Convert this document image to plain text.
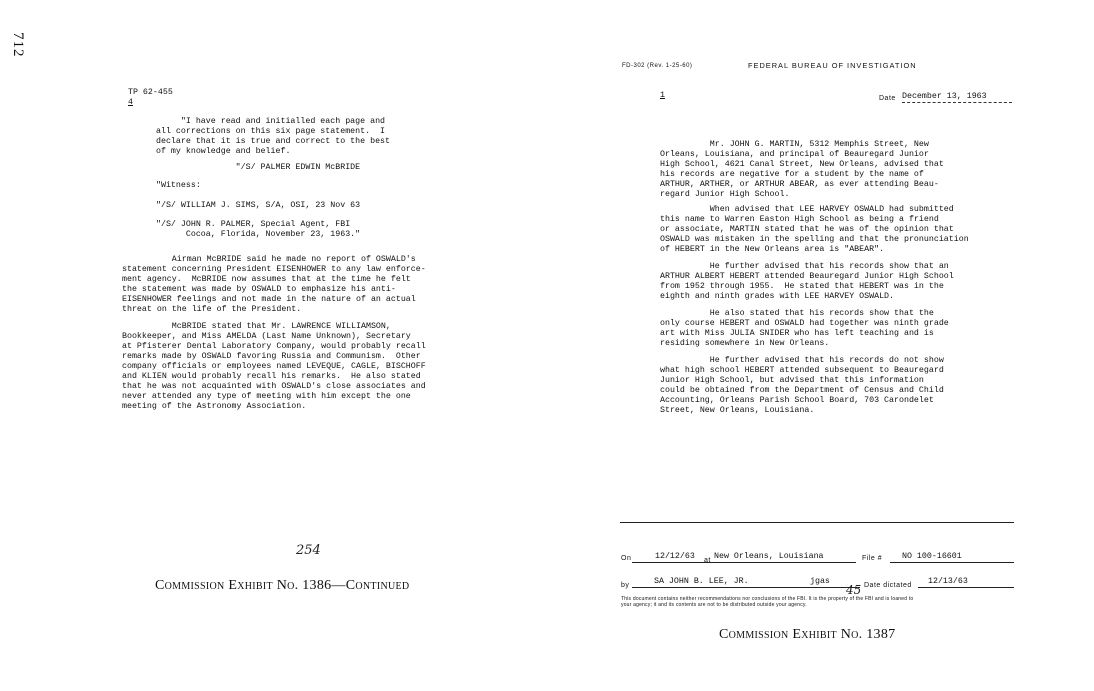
712
TP 62-455
4
"I have read and initialled each page and
all corrections on this six page statement.  I
declare that it is true and correct to the best
of my knowledge and belief.
"/S/ PALMER EDWIN McBRIDE
"Witness:
"/S/ WILLIAM J. SIMS, S/A, OSI, 23 Nov 63
"/S/ JOHN R. PALMER, Special Agent, FBI
Cocoa, Florida, November 23, 1963."
Airman McBRIDE said he made no report of OSWALD's
statement concerning President EISENHOWER to any law enforce-
ment agency.  McBRIDE now assumes that at the time he felt
the statement was made by OSWALD to emphasize his anti-
EISENHOWER feelings and not made in the nature of an actual
threat on the life of the President.
McBRIDE stated that Mr. LAWRENCE WILLIAMSON,
Bookkeeper, and Miss AMELDA (Last Name Unknown), Secretary
at Pfisterer Dental Laboratory Company, would probably recall
remarks made by OSWALD favoring Russia and Communism.  Other
company officials or employees named LEVEQUE, CAGLE, BISCHOFF
and KLIEN would probably recall his remarks.  He also stated
that he was not acquainted with OSWALD's close associates and
never attended any type of meeting with him except the one
meeting of the Astronomy Association.
254
Commission Exhibit No. 1386—Continued
FD-302 (Rev. 1-25-60)	FEDERAL BUREAU OF INVESTIGATION
1	Date December 13, 1963
Mr. JOHN G. MARTIN, 5312 Memphis Street, New
Orleans, Louisiana, and principal of Beauregard Junior
High School, 4621 Canal Street, New Orleans, advised that
his records are negative for a student by the name of
ARTHUR, ARTHER, or ARTHUR ABEAR, as ever attending Beau-
regard Junior High School.
When advised that LEE HARVEY OSWALD had submitted
this name to Warren Easton High School as being a friend
or associate, MARTIN stated that he was of the opinion that
OSWALD was mistaken in the spelling and that the pronunciation
of HEBERT in the New Orleans area is "ABEAR".
He further advised that his records show that an
ARTHUR ALBERT HEBERT attended Beauregard Junior High School
from 1952 through 1955.  He stated that HEBERT was in the
eighth and ninth grades with LEE HARVEY OSWALD.
He also stated that his records show that the
only course HEBERT and OSWALD had together was ninth grade
art with Miss JULIA SNIDER who has left teaching and is
residing somewhere in New Orleans.
He further advised that his records do not show
what high school HEBERT attended subsequent to Beauregard
Junior High School, but advised that this information
could be obtained from the Department of Census and Child
Accounting, Orleans Parish School Board, 703 Carondelet
Street, New Orleans, Louisiana.
On	12/12/63 at New Orleans, Louisiana	File # NO 100-16601
by	SA JOHN B. LEE, JR.	jgas	Date dictated 12/13/63
45
This document contains neither recommendations nor conclusions of the FBI. It is the property of the FBI and is loaned to
your agency; it and its contents are not to be distributed outside your agency.
Commission Exhibit No. 1387
